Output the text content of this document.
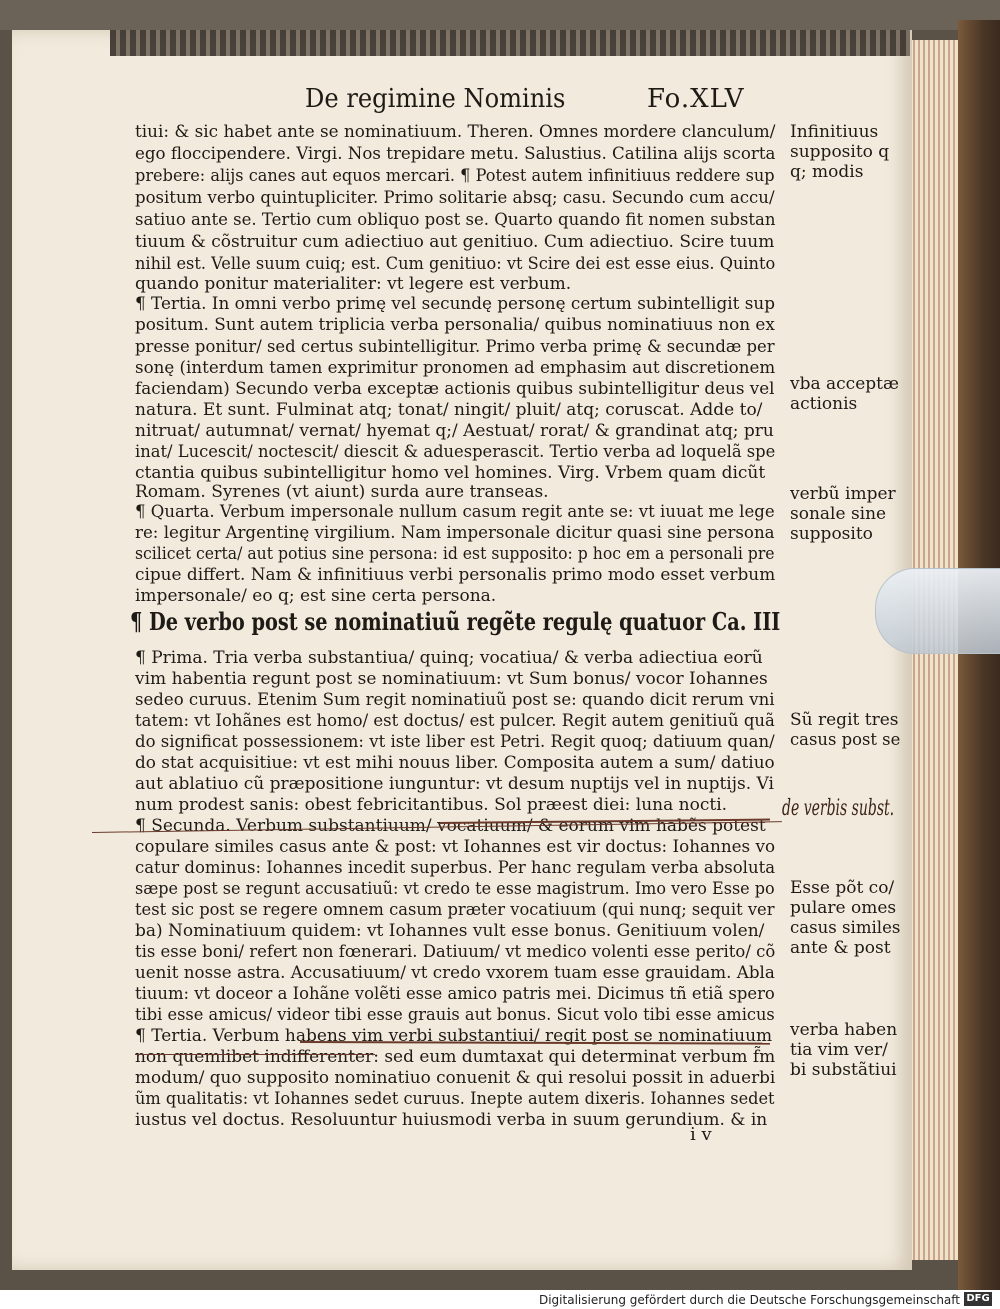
De regimine Nominis	Fo.XLV
tiui: & sic habet ante se nominatiuum. Theren. Omnes mordere clanculum/
ego floccipendere. Virgi. Nos trepidare metu. Salustius. Catilina alijs scorta
prebere: alijs canes aut equos mercari. ¶ Potest autem infinitiuus reddere sup
positum verbo quintupliciter. Primo solitarie absq; casu. Secundo cum accu/
satiuo ante se. Tertio cum obliquo post se. Quarto quando fit nomen substan
tiuum & cõstruitur cum adiectiuo aut genitiuo. Cum adiectiuo. Scire tuum
nihil est. Velle suum cuiq; est. Cum genitiuo: vt Scire dei est esse eius. Quinto
quando ponitur materialiter: vt legere est verbum.
¶ Tertia. In omni verbo primę vel secundę personę certum subintelligit sup
positum. Sunt autem triplicia verba personalia/ quibus nominatiuus non ex
presse ponitur/ sed certus subintelligitur. Primo verba primę & secundæ per
sonę (interdum tamen exprimitur pronomen ad emphasim aut discretionem
faciendam) Secundo verba exceptæ actionis quibus subintelligitur deus vel
natura. Et sunt. Fulminat atq; tonat/ ningit/ pluit/ atq; coruscat. Adde to/
nitruat/ autumnat/ vernat/ hyemat q;/ Aestuat/ rorat/ & grandinat atq; pru
inat/ Lucescit/ noctescit/ diescit & aduesperascit. Tertio verba ad loquelã spe
ctantia quibus subintelligitur homo vel homines. Virg. Vrbem quam dicũt
Romam. Syrenes (vt aiunt) surda aure transeas.
¶ Quarta. Verbum impersonale nullum casum regit ante se: vt iuuat me lege
re: legitur Argentinę virgilium. Nam impersonale dicitur quasi sine persona
scilicet certa/ aut potius sine persona: id est supposito: p hoc em a personali pre
cipue differt. Nam & infinitiuus verbi personalis primo modo esset verbum
impersonale/ eo q; est sine certa persona.
¶ De verbo post se nominatiuũ regẽte regulę quatuor Ca. III
¶ Prima. Tria verba substantiua/ quinq; vocatiua/ & verba adiectiua eorũ
vim habentia regunt post se nominatiuum: vt Sum bonus/ vocor Iohannes
sedeo curuus. Etenim Sum regit nominatiuũ post se: quando dicit rerum vni
tatem: vt Iohãnes est homo/ est doctus/ est pulcer. Regit autem genitiuũ quã
do significat possessionem: vt iste liber est Petri. Regit quoq; datiuum quan/
do stat acquisitiue: vt est mihi nouus liber. Composita autem a sum/ datiuo
aut ablatiuo cũ præpositione iunguntur: vt desum nuptijs vel in nuptijs. Vi
num prodest sanis: obest febricitantibus. Sol præest diei: luna nocti.
¶ Secunda. Verbum substantiuum/ vocatiuum/ & eorum vim habẽs potest
copulare similes casus ante & post: vt Iohannes est vir doctus: Iohannes vo
catur dominus: Iohannes incedit superbus. Per hanc regulam verba absoluta
sæpe post se regunt accusatiuũ: vt credo te esse magistrum. Imo vero Esse po
test sic post se regere omnem casum præter vocatiuum (qui nunq; sequit ver
ba) Nominatiuum quidem: vt Iohannes vult esse bonus. Genitiuum volen/
tis esse boni/ refert non fœnerari. Datiuum/ vt medico volenti esse perito/ cõ
uenit nosse astra. Accusatiuum/ vt credo vxorem tuam esse grauidam. Abla
tiuum: vt doceor a Iohãne volẽti esse amico patris mei. Dicimus tñ etiã spero
tibi esse amicus/ videor tibi esse grauis aut bonus. Sicut volo tibi esse amicus
¶ Tertia. Verbum habens vim verbi substantiui/ regit post se nominatiuum
non quemlibet indifferenter: sed eum dumtaxat qui determinat verbum f̃m
modum/ quo supposito nominatiuo conuenit & qui resolui possit in aduerbi
ũm qualitatis: vt Iohannes sedet curuus. Inepte autem dixeris. Iohannes sedet
iustus vel doctus. Resoluuntur huiusmodi verba in suum gerundium. & in
Infinitiuus
supposito q
q; modis
vba acceptæ
actionis
verbũ imper
sonale sine
supposito
Sũ regit tres
casus post se
Esse põt co/
pulare omes
casus similes
ante & post
verba haben
tia vim ver/
bi substãtiui
de verbis subst.
i v
Digitalisierung gefördert durch die Deutsche Forschungsgemeinschaft DFG
